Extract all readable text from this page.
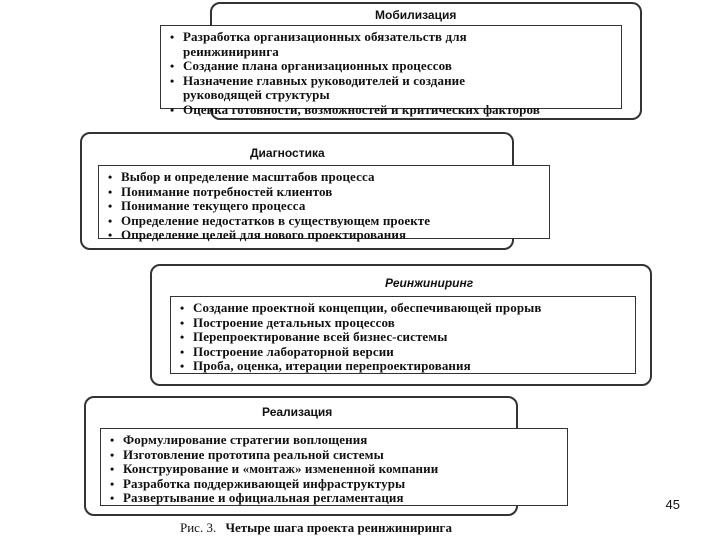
Мобилизация
• Разработка организационных обязательств для реинжиниринга
• Создание плана организационных процессов
• Назначение главных руководителей и создание руководящей структуры
• Оценка готовности, возможностей и критических факторов
Диагностика
• Выбор и определение масштабов процесса
• Понимание потребностей клиентов
• Понимание текущего процесса
• Определение недостатков в существующем проекте
• Определение целей для нового проектирования
Реинжиниринг
• Создание проектной концепции, обеспечивающей прорыв
• Построение детальных процессов
• Перепроектирование всей бизнес-системы
• Построение лабораторной версии
• Проба, оценка, итерации перепроектирования
Реализация
• Формулирование стратегии воплощения
• Изготовление прототипа реальной системы
• Конструирование и «монтаж» измененной компании
• Разработка поддерживающей инфраструктуры
• Развертывание и официальная регламентация	45
Рис. 3. Четыре шага проекта реинжиниринга
